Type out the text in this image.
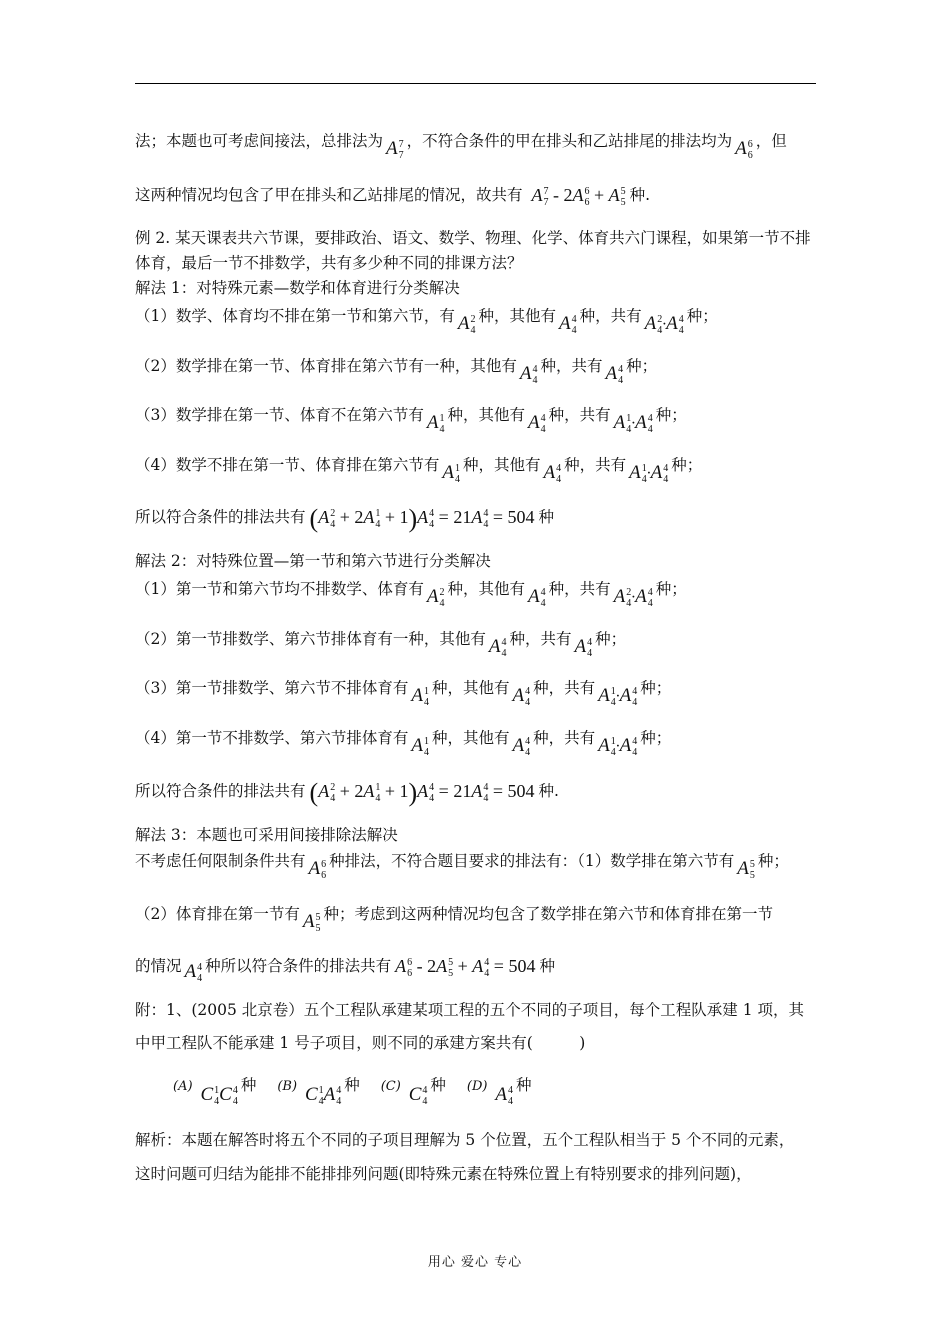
法；本题也可考虑间接法，总排法为 A 7
7
，不符合条件的甲在排头和乙站排尾的排法均为 A 6
6
，但
这两种情况均包含了甲在排头和乙站排尾的情况，故共有 A 7
7 - 2A 6
6 + A 5
5 种.
例 2. 某天课表共六节课，要排政治、语文、数学、物理、化学、体育共六门课程，如果第一节不排
体育，最后一节不排数学，共有多少种不同的排课方法？
解法 1：对特殊元素—数学和体育进行分类解决
（1）数学、体育均不排在第一节和第六节，有 A 2
4
种，其他有 A 4
4
种，共有 A 2
4 ·A 4
4
种；
（2）数学排在第一节、体育排在第六节有一种，其他有 A 4
4
种，共有 A 4
4
种；
（3）数学排在第一节、体育不在第六节有 A 1
4
种，其他有 A 4
4
种，共有 A 1
4 ·A 4
4
种；
（4）数学不排在第一节、体育排在第六节有 A 1
4
种，其他有 A 4
4
种，共有 A 1
4 ·A 4
4
种；
所以符合条件的排法共有 (A 2
4 + 2A 1
4 + 1)A 4
4 = 21A 4
4 = 504 种
解法 2：对特殊位置—第一节和第六节进行分类解决
（1）第一节和第六节均不排数学、体育有 A 2
4
种，其他有 A 4
4
种，共有 A 2
4 ·A 4
4
种；
（2）第一节排数学、第六节排体育有一种，其他有 A 4
4
种，共有 A 4
4
种；
（3）第一节排数学、第六节不排体育有 A 1
4
种，其他有 A 4
4
种，共有 A 1
4 ·A 4
4
种；
（4）第一节不排数学、第六节排体育有 A 1
4
种，其他有 A 4
4
种，共有 A 1
4 ·A 4
4
种；
所以符合条件的排法共有 (A 2
4 + 2A 1
4 + 1)A 4
4 = 21A 4
4 = 504 种.
解法 3：本题也可采用间接排除法解决
不考虑任何限制条件共有 A 6
6
种排法，不符合题目要求的排法有：（1）数学排在第六节有 A 5
5
种；
（2）体育排在第一节有 A 5
5
种；考虑到这两种情况均包含了数学排在第六节和体育排在第一节
的情况 A 4
4
种所以符合条件的排法共有 A 6
6 - 2A 5
5 + A 4
4 = 504 种
附：1、(2005 北京卷）五个工程队承建某项工程的五个不同的子项目，每个工程队承建 1 项，其
中甲工程队不能承建 1 号子项目，则不同的承建方案共有(　　　)
(A) C 1
4 C 4
4
种 (B) C 1
4 A 4
4
种 (C) C 4
4
种 (D) A 4
4
种
解析：本题在解答时将五个不同的子项目理解为 5 个位置，五个工程队相当于 5 个不同的元素，
这时问题可归结为能排不能排排列问题(即特殊元素在特殊位置上有特别要求的排列问题)，
用心 爱心 专心
